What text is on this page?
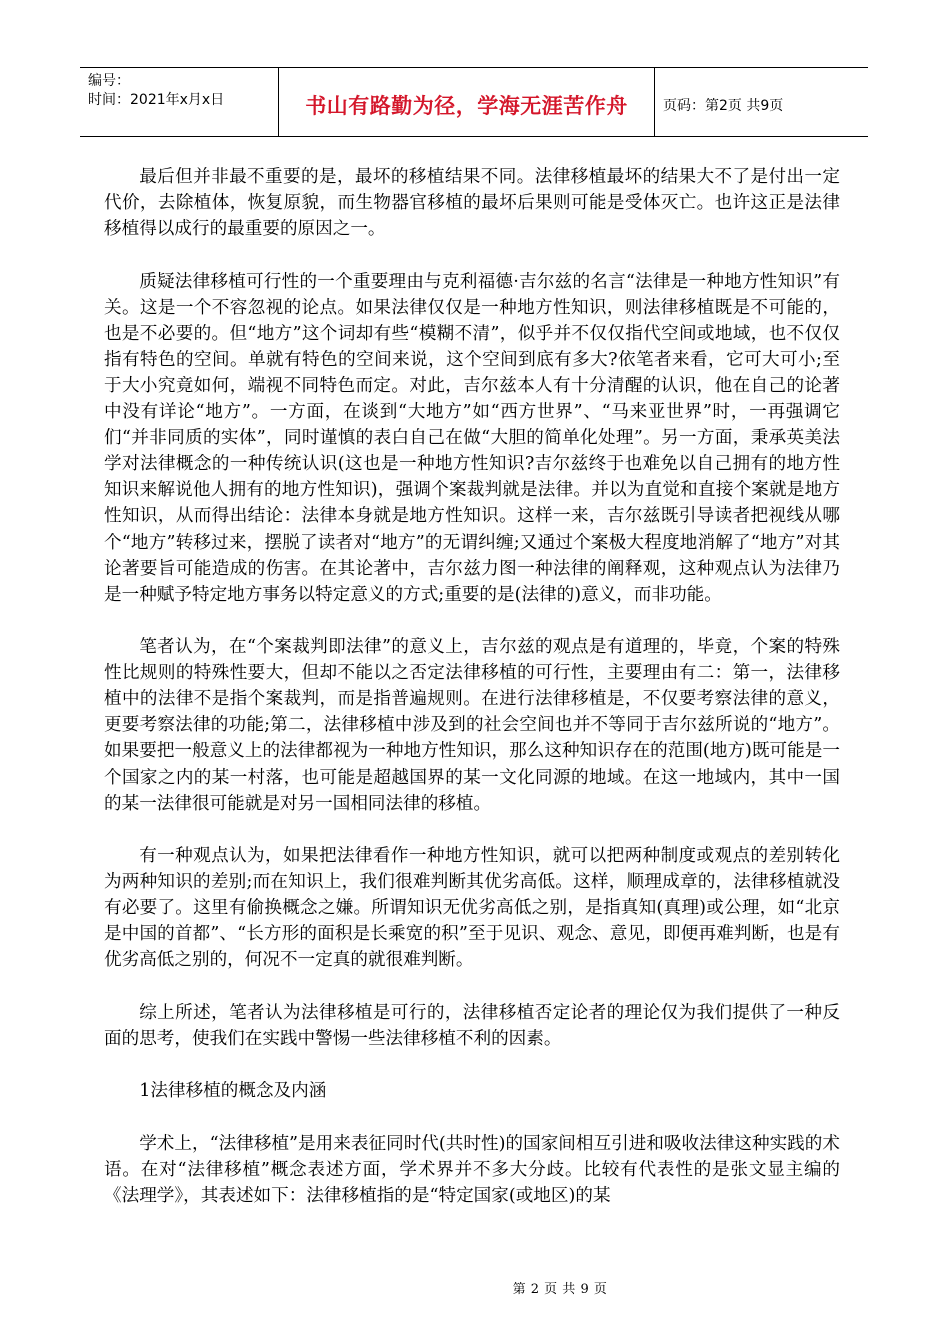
编号：
时间：2021年x月x日	书山有路勤为径，学海无涯苦作舟	页码：第2页 共9页

最后但并非最不重要的是，最坏的移植结果不同。法律移植最坏的结果大不了是付出一定代价，去除植体，恢复原貌，而生物器官移植的最坏后果则可能是受体灭亡。也许这正是法律移植得以成行的最重要的原因之一。

质疑法律移植可行性的一个重要理由与克利福德·吉尔兹的名言“法律是一种地方性知识”有关。这是一个不容忽视的论点。如果法律仅仅是一种地方性知识，则法律移植既是不可能的，也是不必要的。但“地方”这个词却有些“模糊不清”，似乎并不仅仅指代空间或地域，也不仅仅指有特色的空间。单就有特色的空间来说，这个空间到底有多大?依笔者来看，它可大可小;至于大小究竟如何，端视不同特色而定。对此，吉尔兹本人有十分清醒的认识，他在自己的论著中没有详论“地方”。一方面，在谈到“大地方”如“西方世界”、“马来亚世界”时，一再强调它们“并非同质的实体”，同时谨慎的表白自己在做“大胆的简单化处理”。另一方面，秉承英美法学对法律概念的一种传统认识(这也是一种地方性知识?吉尔兹终于也难免以自己拥有的地方性知识来解说他人拥有的地方性知识)，强调个案裁判就是法律。并以为直觉和直接个案就是地方性知识，从而得出结论：法律本身就是地方性知识。这样一来，吉尔兹既引导读者把视线从哪个“地方”转移过来，摆脱了读者对“地方”的无谓纠缠;又通过个案极大程度地消解了“地方”对其论著要旨可能造成的伤害。在其论著中，吉尔兹力图一种法律的阐释观，这种观点认为法律乃是一种赋予特定地方事务以特定意义的方式;重要的是(法律的)意义，而非功能。

笔者认为，在“个案裁判即法律”的意义上，吉尔兹的观点是有道理的，毕竟，个案的特殊性比规则的特殊性要大，但却不能以之否定法律移植的可行性，主要理由有二：第一，法律移植中的法律不是指个案裁判，而是指普遍规则。在进行法律移植是，不仅要考察法律的意义，更要考察法律的功能;第二，法律移植中涉及到的社会空间也并不等同于吉尔兹所说的“地方”。如果要把一般意义上的法律都视为一种地方性知识，那么这种知识存在的范围(地方)既可能是一个国家之内的某一村落，也可能是超越国界的某一文化同源的地域。在这一地域内，其中一国的某一法律很可能就是对另一国相同法律的移植。

有一种观点认为，如果把法律看作一种地方性知识，就可以把两种制度或观点的差别转化为两种知识的差别;而在知识上，我们很难判断其优劣高低。这样，顺理成章的，法律移植就没有必要了。这里有偷换概念之嫌。所谓知识无优劣高低之别，是指真知(真理)或公理，如“北京是中国的首都”、“长方形的面积是长乘宽的积”至于见识、观念、意见，即便再难判断，也是有优劣高低之别的，何况不一定真的就很难判断。

综上所述，笔者认为法律移植是可行的，法律移植否定论者的理论仅为我们提供了一种反面的思考，使我们在实践中警惕一些法律移植不利的因素。

1法律移植的概念及内涵

学术上，“法律移植”是用来表征同时代(共时性)的国家间相互引进和吸收法律这种实践的术语。在对“法律移植”概念表述方面，学术界并不多大分歧。比较有代表性的是张文显主编的《法理学》，其表述如下：法律移植指的是“特定国家(或地区)的某

第 2 页 共 9 页
